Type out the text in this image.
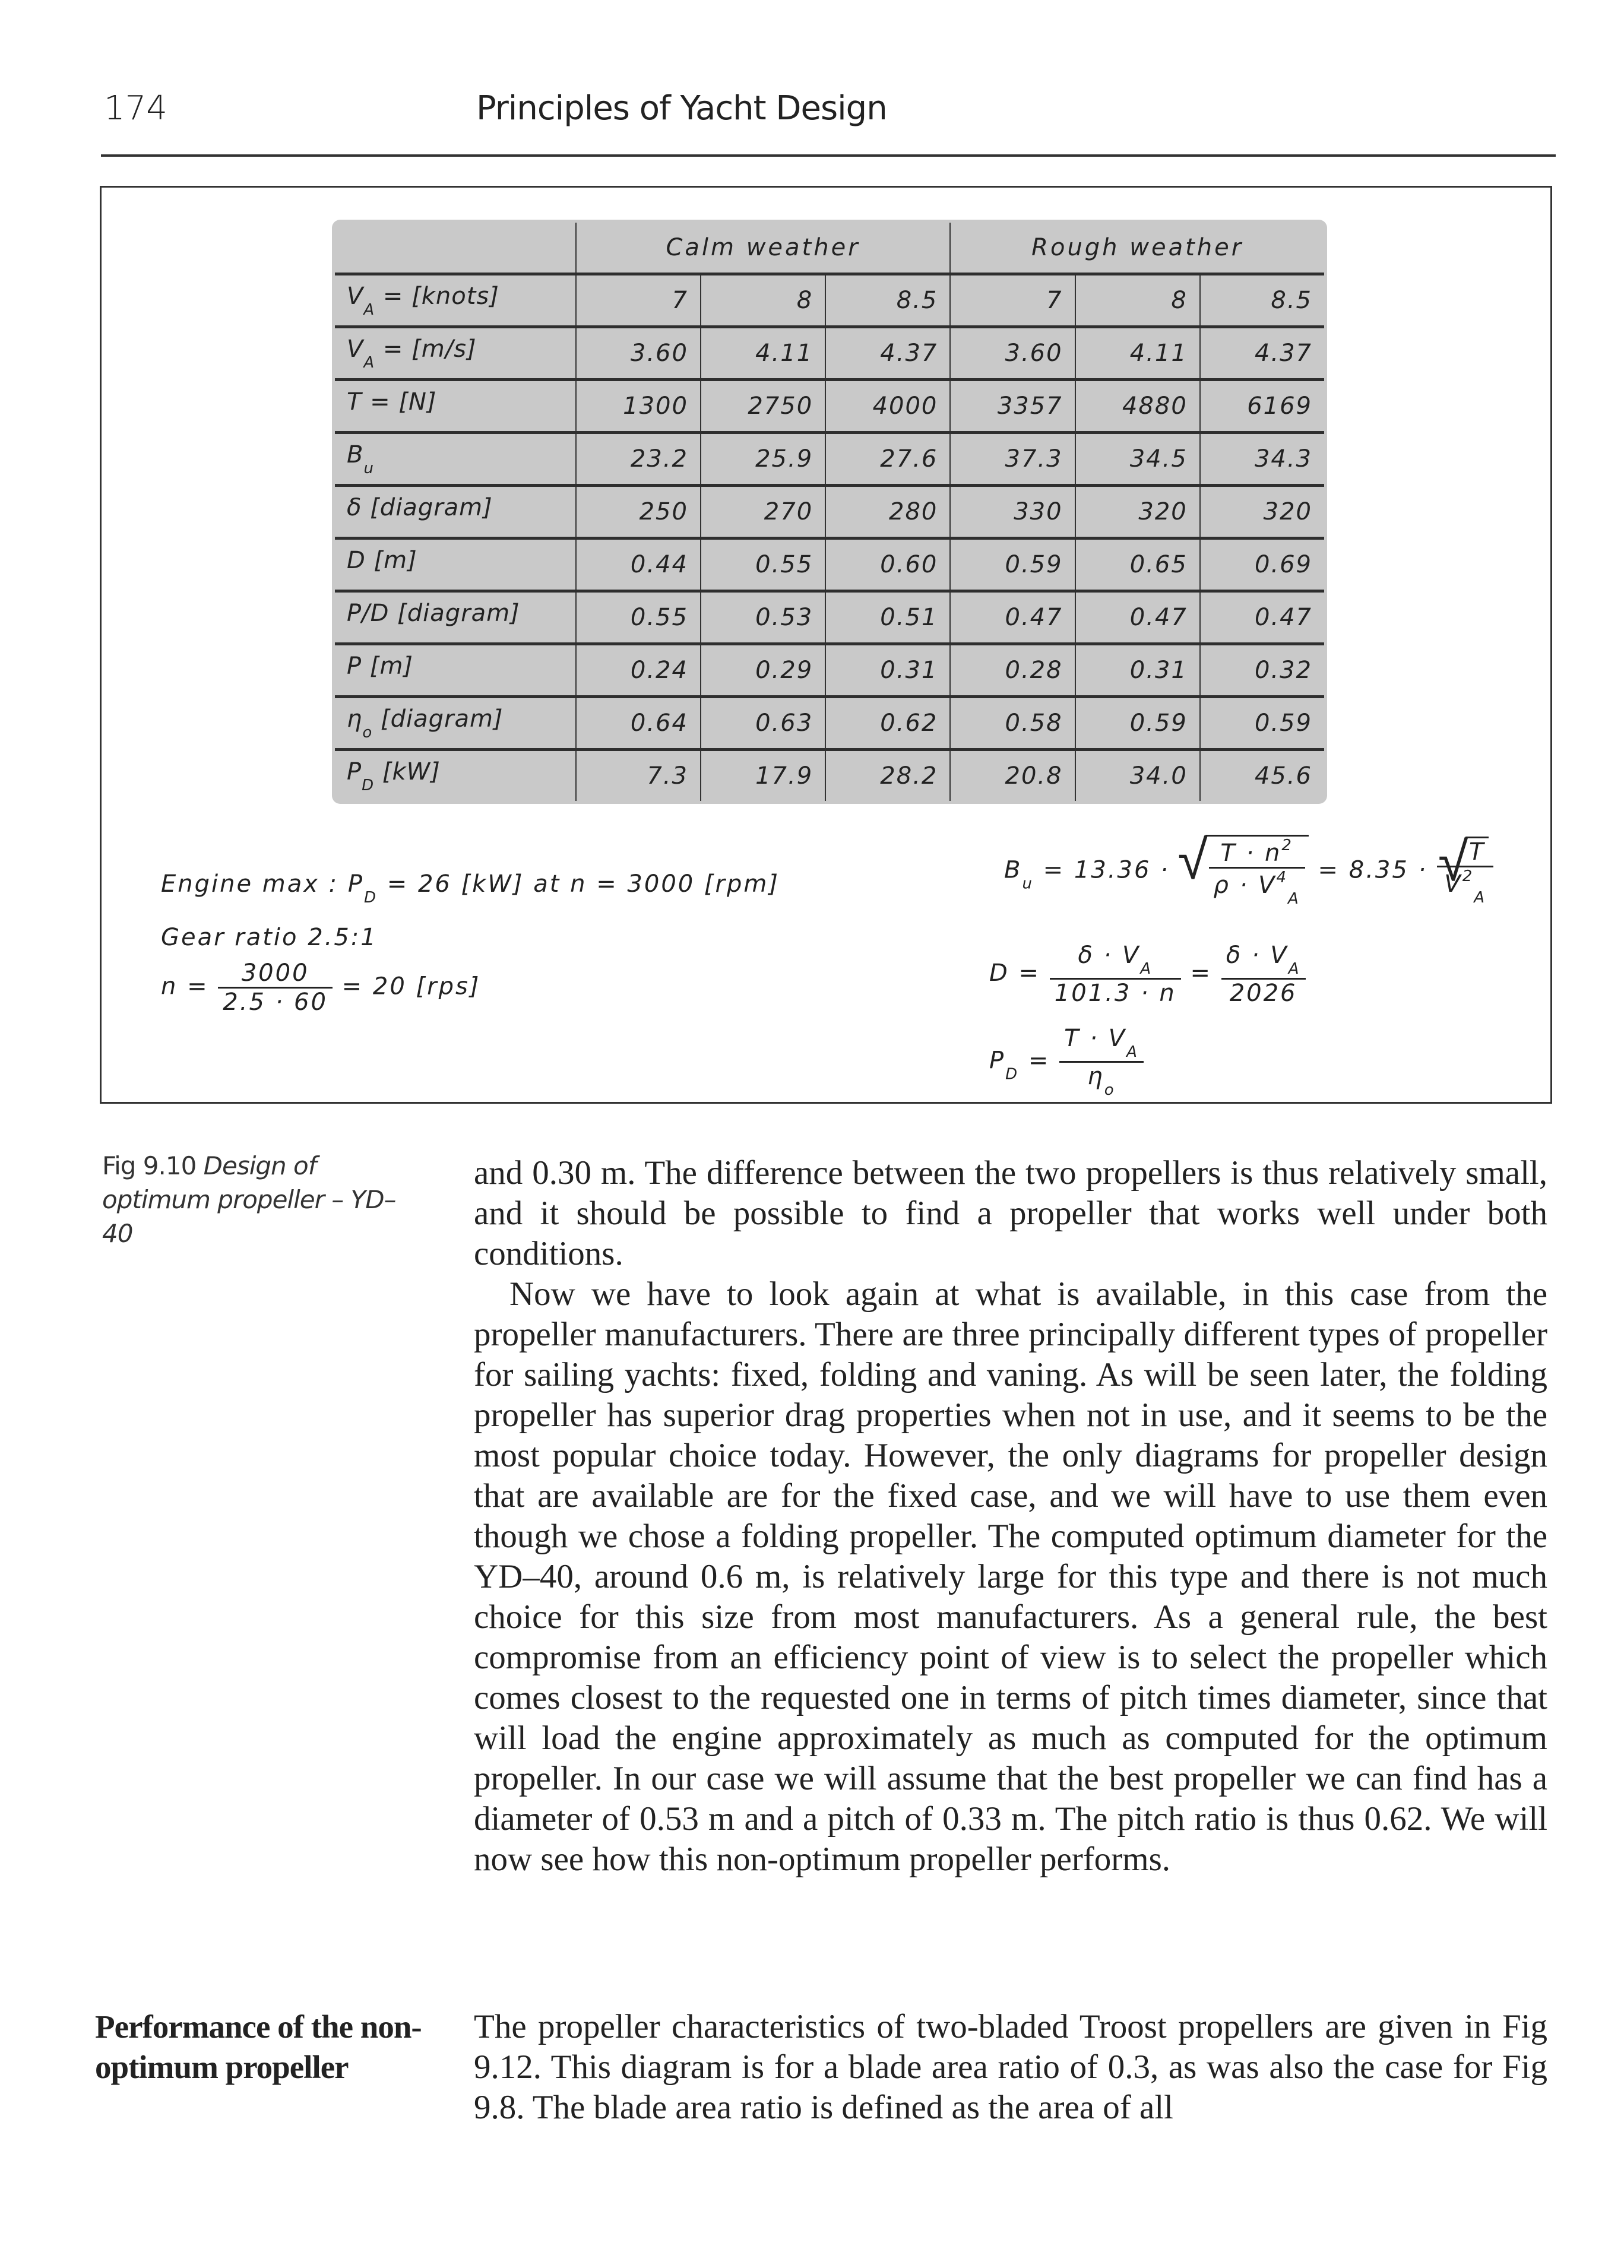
174	Principles of Yacht Design
	Calm weather			Rough weather		
$V_A$ = [knots]	7	8	8.5	7	8	8.5
$V_A = [m/s]$	3.60	4.11	4.37	3.60	4.11	4.37
T = [N]	1300	2750	4000	3357	4880	6169
$B_u$	23.2	25.9	27.6	37.3	34.5	34.3
δ [diagram]	250	270	280	330	320	320
D [m]	0.44	0.55	0.60	0.59	0.65	0.69
P/D [diagram]	0.55	0.53	0.51	0.47	0.47	0.47
P [m]	0.24	0.29	0.31	0.28	0.31	0.32
$\eta_o$ [diagram]	0.64	0.63	0.62	0.58	0.59	0.59
$P_D$ [kW]	7.3	17.9	28.2	20.8	34.0	45.6
Engine max : $P_D = 26$ [kW] at n = 3000 [rpm]
Gear ratio 2.5:1
$n = \frac{3000}{2.5 \cdot 60} = 20$ [rps]
$B_u = 13.36$ · √ $\frac{T \cdot n^2}{\rho \cdot V^4_A} = 8.35$ · √ $\frac{T}{V^2_A}$
$D = \frac{\delta \cdot V_A}{101.3 \cdot n} = \frac{\delta \cdot V_A}{2026}$
$P_D = \frac{T \cdot V_A}{\eta_o}$
Fig 9.10 Design of optimum propeller – YD–40

and 0.30 m. The difference between the two propellers is thus relatively small, and it should be possible to find a propeller that works well under both conditions.

Now we have to look again at what is available, in this case from the propeller manufacturers. There are three principally different types of propeller for sailing yachts: fixed, folding and vaning. As will be seen later, the folding propeller has superior drag properties when not in use, and it seems to be the most popular choice today. However, the only diagrams for propeller design that are available are for the fixed case, and we will have to use them even though we chose a folding propeller. The computed optimum diameter for the YD–40, around 0.6 m, is relatively large for this type and there is not much choice for this size from most manufacturers. As a general rule, the best compromise from an efficiency point of view is to select the propeller which comes closest to the requested one in terms of pitch times diameter, since that will load the engine approximately as much as computed for the optimum propeller. In our case we will assume that the best propeller we can find has a diameter of 0.53 m and a pitch of 0.33 m. The pitch ratio is thus 0.62. We will now see how this non-optimum propeller performs.

Performance of the non-optimum propeller

The propeller characteristics of two-bladed Troost propellers are given in Fig 9.12. This diagram is for a blade area ratio of 0.3, as was also the case for Fig 9.8. The blade area ratio is defined as the area of all
